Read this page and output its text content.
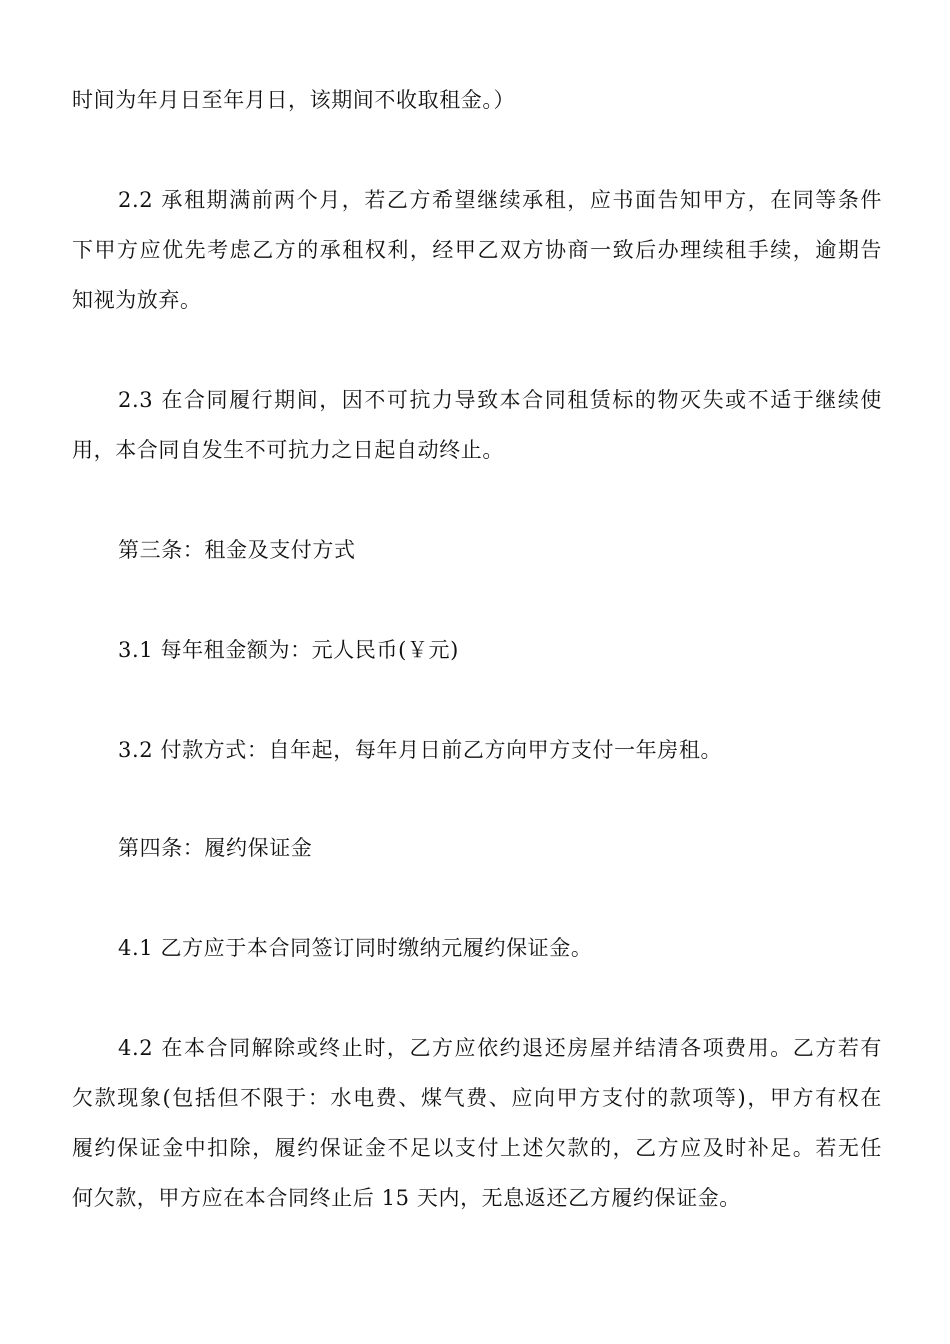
时间为年月日至年月日，该期间不收取租金。）
2.2 承租期满前两个月，若乙方希望继续承租，应书面告知甲方，在同等条件
下甲方应优先考虑乙方的承租权利，经甲乙双方协商一致后办理续租手续，逾期告
知视为放弃。
2.3 在合同履行期间，因不可抗力导致本合同租赁标的物灭失或不适于继续使
用，本合同自发生不可抗力之日起自动终止。
第三条：租金及支付方式
3.1 每年租金额为：元人民币(￥元)
3.2 付款方式：自年起，每年月日前乙方向甲方支付一年房租。
第四条：履约保证金
4.1 乙方应于本合同签订同时缴纳元履约保证金。
4.2 在本合同解除或终止时，乙方应依约退还房屋并结清各项费用。乙方若有
欠款现象(包括但不限于：水电费、煤气费、应向甲方支付的款项等)，甲方有权在
履约保证金中扣除，履约保证金不足以支付上述欠款的，乙方应及时补足。若无任
何欠款，甲方应在本合同终止后 15 天内，无息返还乙方履约保证金。
